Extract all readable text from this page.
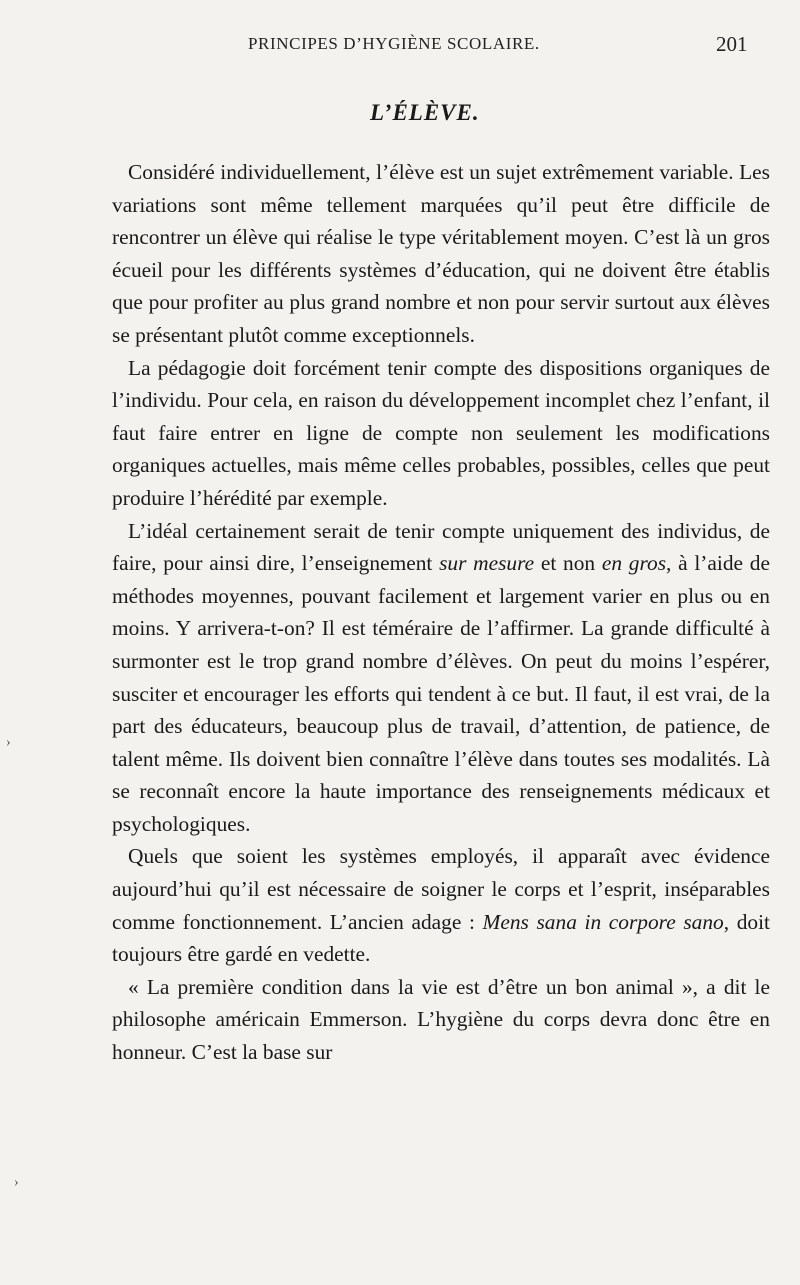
PRINCIPES D’HYGIÈNE SCOLAIRE.	201
L’ÉLÈVE.

Considéré individuellement, l’élève est un sujet extrêmement variable. Les variations sont même tellement marquées qu’il peut être difficile de rencontrer un élève qui réalise le type véritablement moyen. C’est là un gros écueil pour les différents systèmes d’éducation, qui ne doivent être établis que pour profiter au plus grand nombre et non pour servir surtout aux élèves se présentant plutôt comme exceptionnels.

La pédagogie doit forcément tenir compte des dispositions organiques de l’individu. Pour cela, en raison du développement incomplet chez l’enfant, il faut faire entrer en ligne de compte non seulement les modifications organiques actuelles, mais même celles probables, possibles, celles que peut produire l’hérédité par exemple.

L’idéal certainement serait de tenir compte uniquement des individus, de faire, pour ainsi dire, l’enseignement sur mesure et non en gros, à l’aide de méthodes moyennes, pouvant facilement et largement varier en plus ou en moins. Y arrivera-t-on? Il est téméraire de l’affirmer. La grande difficulté à surmonter est le trop grand nombre d’élèves. On peut du moins l’espérer, susciter et encourager les efforts qui tendent à ce but. Il faut, il est vrai, de la part des éducateurs, beaucoup plus de travail, d’attention, de patience, de talent même. Ils doivent bien connaître l’élève dans toutes ses modalités. Là se reconnaît encore la haute importance des renseignements médicaux et psychologiques.

Quels que soient les systèmes employés, il apparaît avec évidence aujourd’hui qu’il est nécessaire de soigner le corps et l’esprit, inséparables comme fonctionnement. L’ancien adage : Mens sana in corpore sano, doit toujours être gardé en vedette.

« La première condition dans la vie est d’être un bon animal », a dit le philosophe américain Emmerson. L’hygiène du corps devra donc être en honneur. C’est la base sur

›
›
